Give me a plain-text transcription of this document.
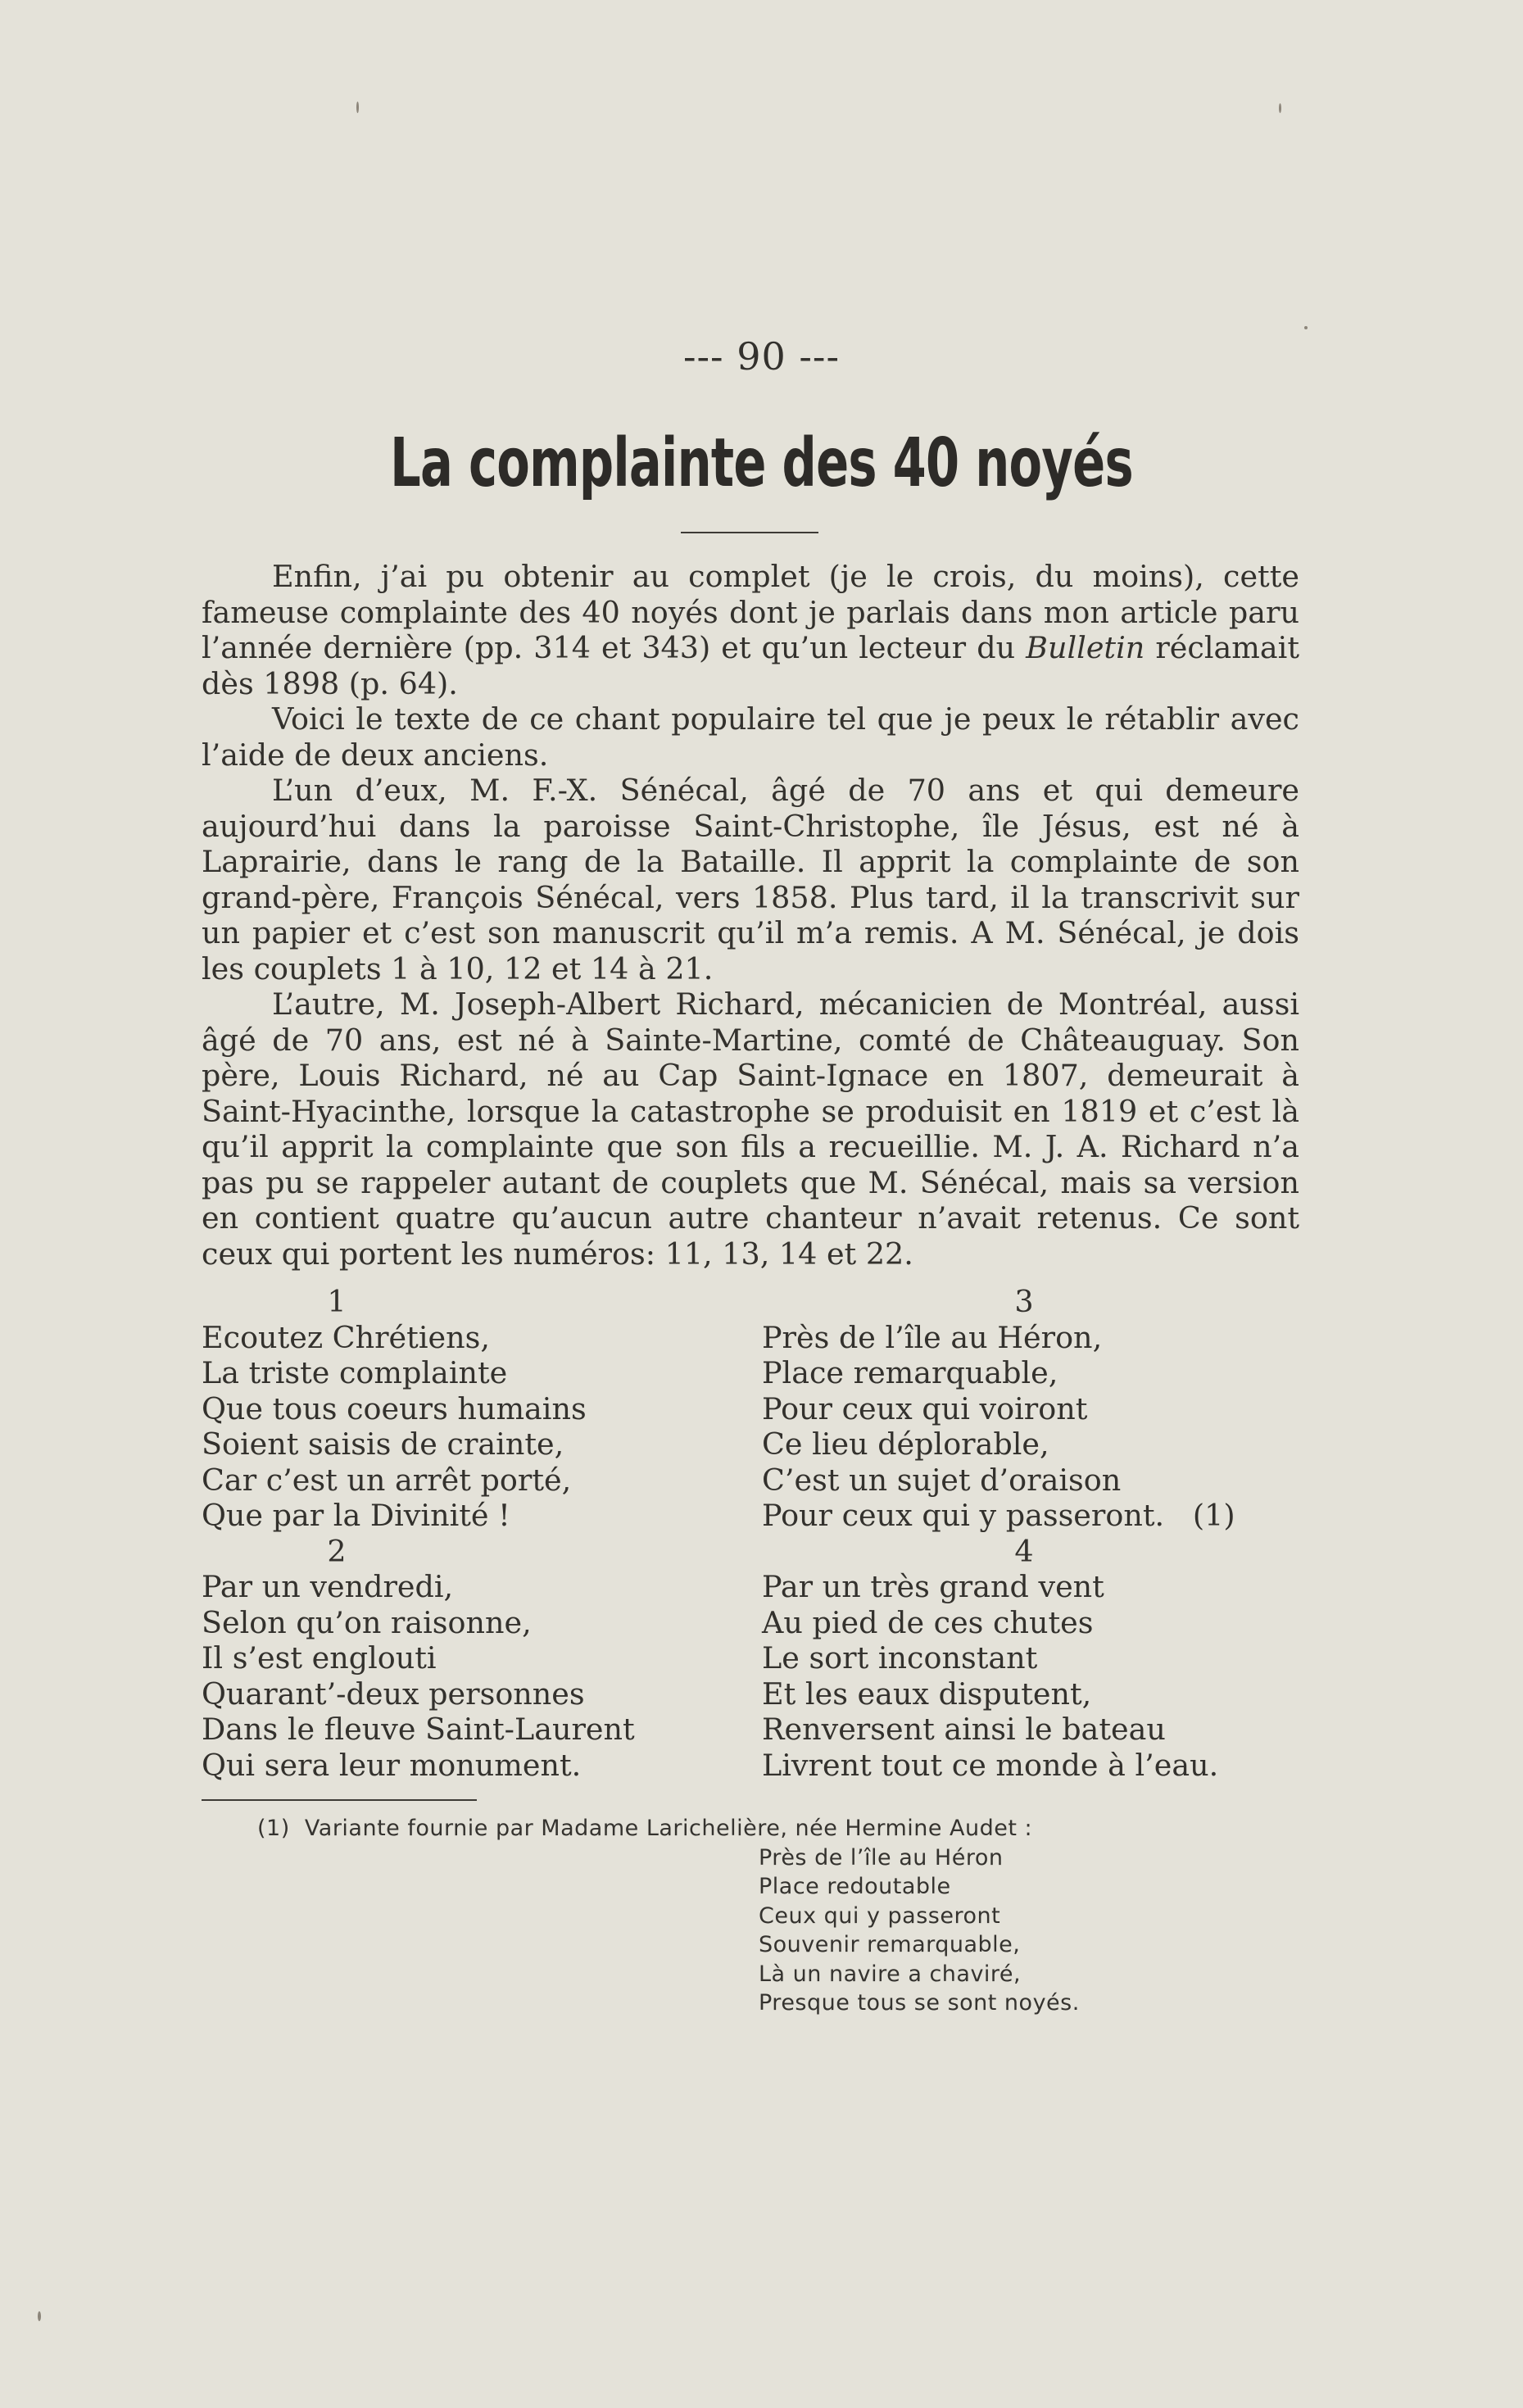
--- 90 ---
La complainte des 40 noyés

Enfin, j’ai pu obtenir au complet (je le crois, du moins), cette fameuse complainte des 40 noyés dont je parlais dans mon article paru l’année dernière (pp. 314 et 343) et qu’un lecteur du Bulletin réclamait dès 1898 (p. 64).

Voici le texte de ce chant populaire tel que je peux le rétablir avec l’aide de deux anciens.

L’un d’eux, M. F.-X. Sénécal, âgé de 70 ans et qui demeure aujourd’hui dans la paroisse Saint-Christophe, île Jésus, est né à Laprairie, dans le rang de la Bataille. Il apprit la complainte de son grand-père, François Sénécal, vers 1858. Plus tard, il la transcrivit sur un papier et c’est son manuscrit qu’il m’a remis. A M. Sénécal, je dois les couplets 1 à 10, 12 et 14 à 21.

L’autre, M. Joseph-Albert Richard, mécanicien de Montréal, aussi âgé de 70 ans, est né à Sainte-Martine, comté de Châteauguay. Son père, Louis Richard, né au Cap Saint-Ignace en 1807, demeurait à Saint-Hyacinthe, lorsque la catastrophe se produisit en 1819 et c’est là qu’il apprit la complainte que son fils a recueillie. M. J. A. Richard n’a pas pu se rappeler autant de couplets que M. Sénécal, mais sa version en contient quatre qu’aucun autre chanteur n’avait retenus. Ce sont ceux qui portent les numéros: 11, 13, 14 et 22.

1
Ecoutez Chrétiens,
La triste complainte
Que tous coeurs humains
Soient saisis de crainte,
Car c’est un arrêt porté,
Que par la Divinité !
2
Par un vendredi,
Selon qu’on raisonne,
Il s’est englouti
Quarant’-deux personnes
Dans le fleuve Saint-Laurent
Qui sera leur monument.
3
Près de l’île au Héron,
Place remarquable,
Pour ceux qui voiront
Ce lieu déplorable,
C’est un sujet d’oraison
Pour ceux qui y passeront.   (1)
4
Par un très grand vent
Au pied de ces chutes
Le sort inconstant
Et les eaux disputent,
Renversent ainsi le bateau
Livrent tout ce monde à l’eau.
(1)  Variante fournie par Madame Larichelière, née Hermine Audet :
Près de l’île au Héron
Place redoutable
Ceux qui y passeront
Souvenir remarquable,
Là un navire a chaviré,
Presque tous se sont noyés.
